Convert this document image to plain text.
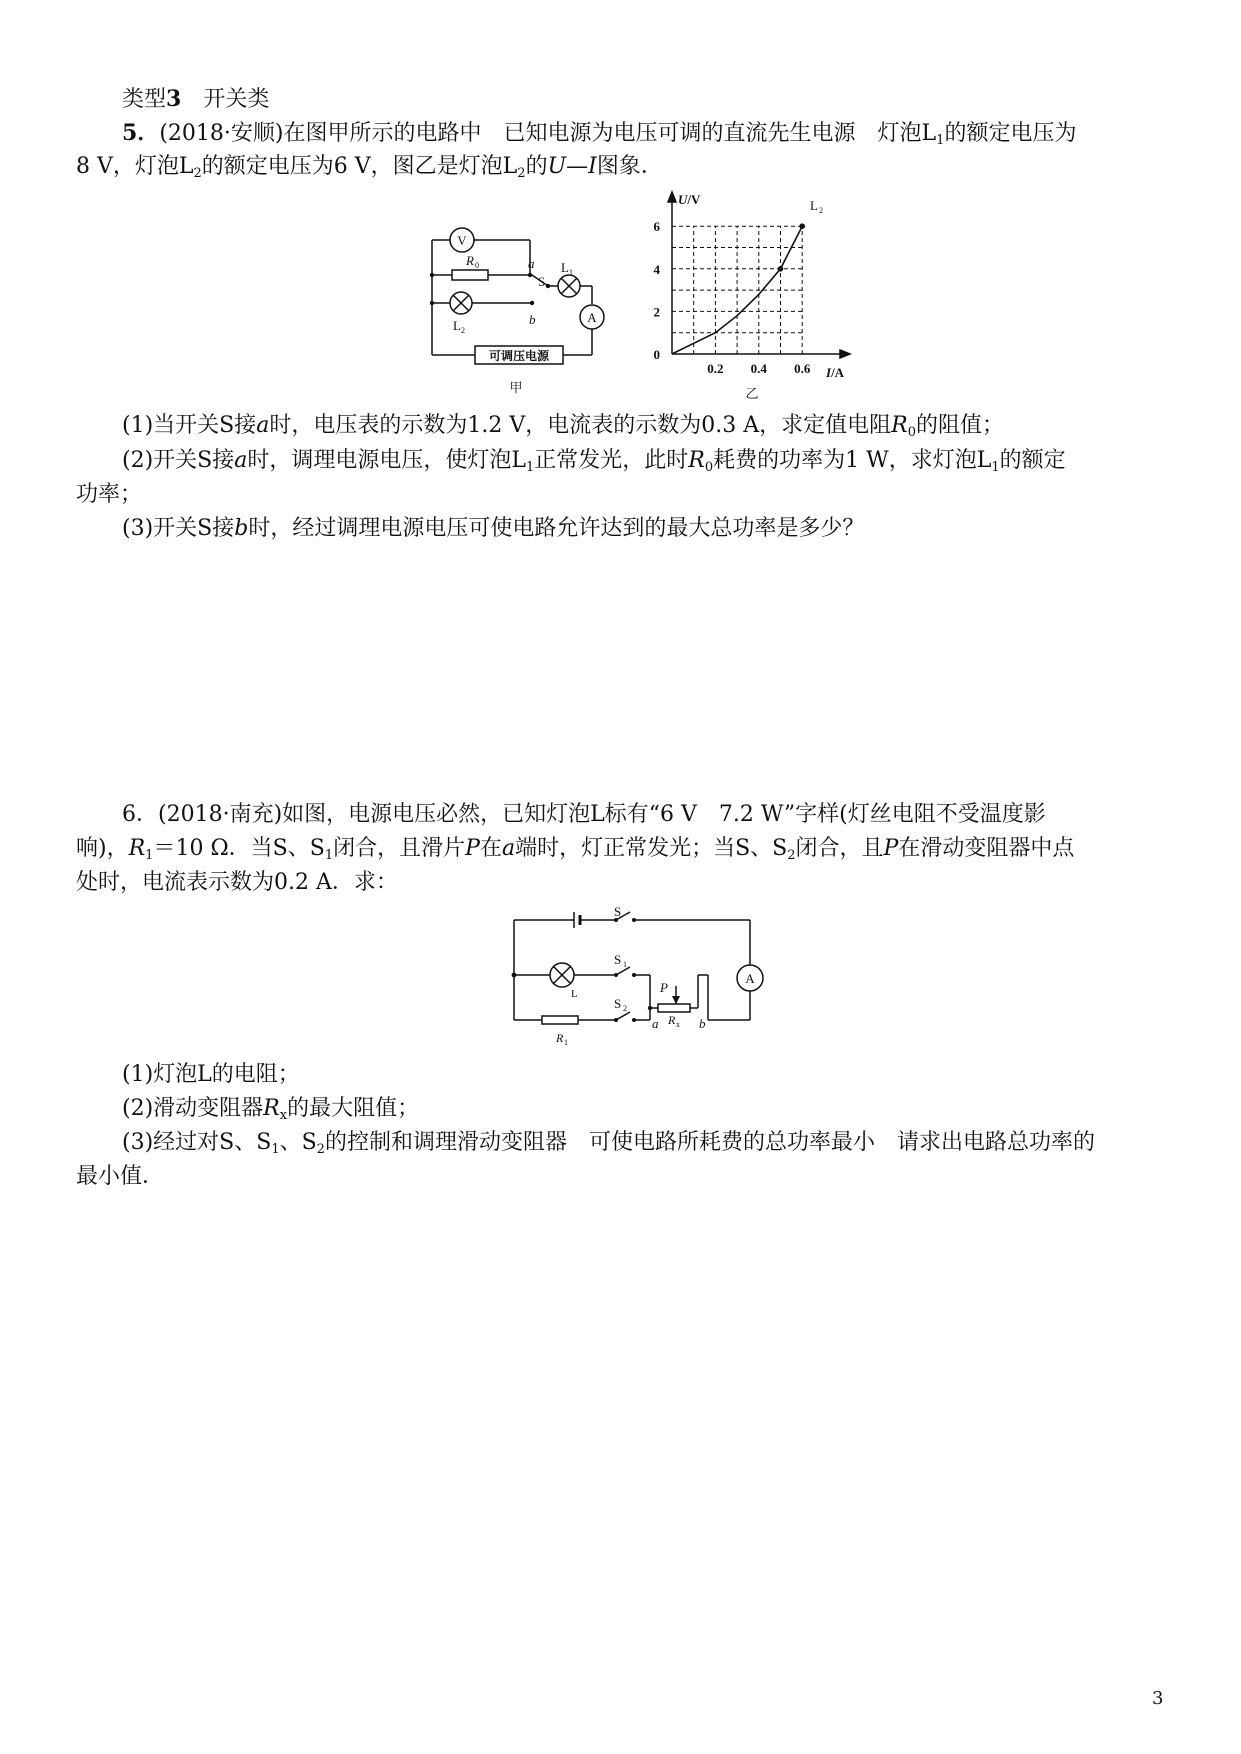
类型3　 开关类
5．(2018·安顺)在图甲所示的电路中　 已知电源为电压可调的直流先生电源　 灯泡$L_1$的额定电压为
8 V，灯泡$L_2$的额定电压为6 V，图乙是灯泡$L_2$的U—I图象．
V
A
R 0	a
S
L 1
L 2
b
可调压电源
甲
0.2 0.4 0.6
0
2
4
6
U/V
I/A
L 2
乙
(1)当开关S接a时，电压表的示数为1.2 V，电流表的示数为0.3 A，求定值电阻$R_0$的阻值；
(2)开关S接a时，调理电源电压，使灯泡$L_1$正常发光，此时$R_0$耗费的功率为1 W，求灯泡$L_1$的额定
功率；
(3)开关S接b时，经过调理电源电压可使电路允许达到的最大总功率是多少？
6．(2018·南充)如图，电源电压必然，已知灯泡L标有“6 V　7.2 W”字样(灯丝电阻不受温度影
响)，$R_1=10$ Ω．当S、$S_1$闭合，且滑片P在a端时，灯正常发光；当S、$S_2$闭合，且P在滑动变阻器中点
处时，电流表示数为0.2 A．求：
S
S 1
S 2
L
A
P
R x
a	b
R 1
(1)灯泡L的电阻；
(2)滑动变阻器$R_x$的最大阻值；
(3)经过对S、$S_1$、$S_2$的控制和调理滑动变阻器　 可使电路所耗费的总功率最小　 请求出电路总功率的
最小值．
3
